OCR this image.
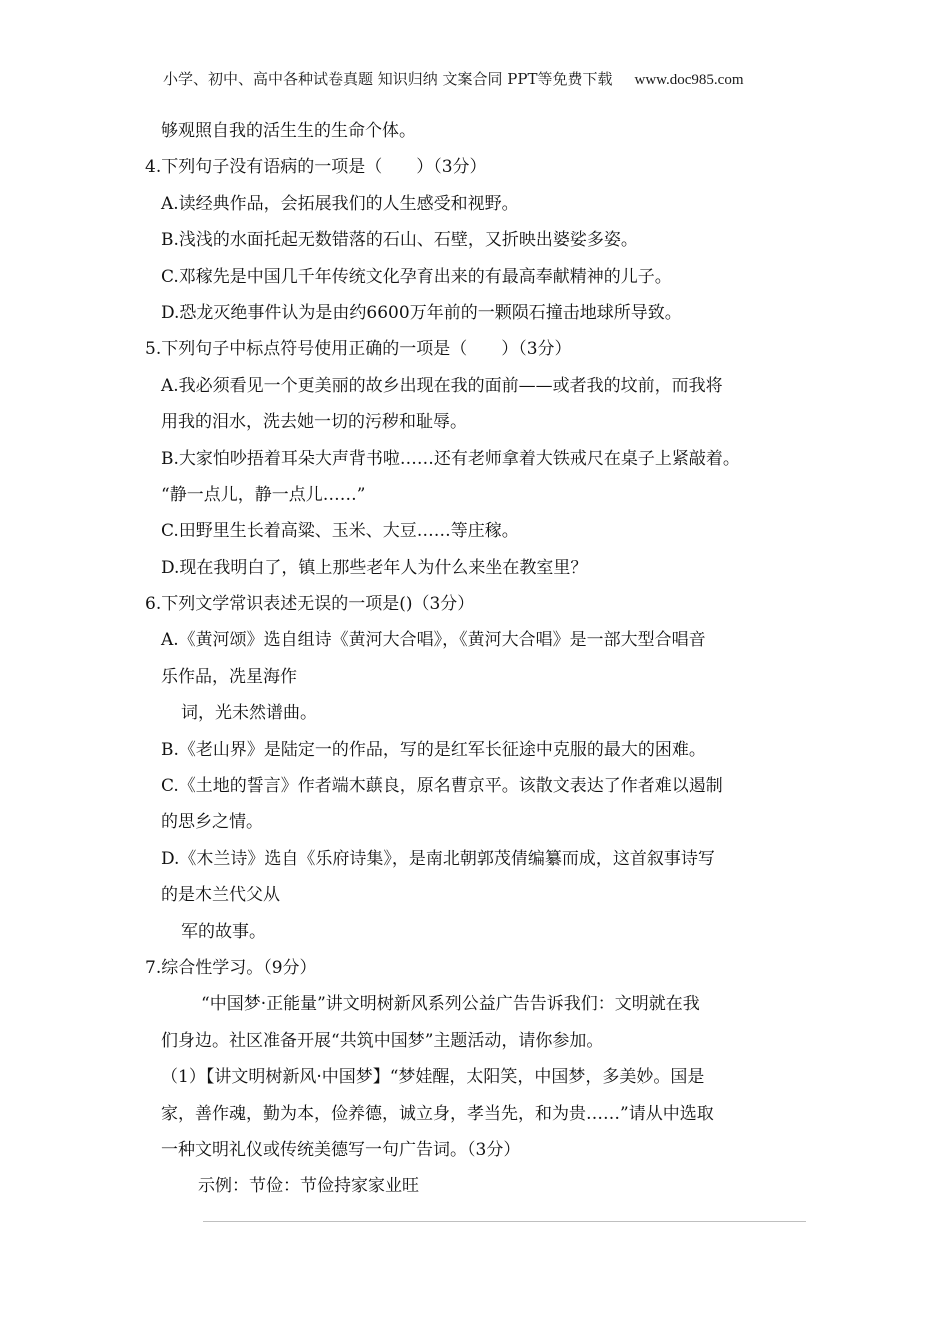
小学、初中、高中各种试卷真题 知识归纳 文案合同 PPT等免费下载 www.doc985.com
够观照自我的活生生的生命个体。
4.下列句子没有语病的一项是（　　）（3分）
A.读经典作品，会拓展我们的人生感受和视野。
B.浅浅的水面托起无数错落的石山、石壁，又折映出婆娑多姿。
C.邓稼先是中国几千年传统文化孕育出来的有最高奉献精神的儿子。
D.恐龙灭绝事件认为是由约6600万年前的一颗陨石撞击地球所导致。
5.下列句子中标点符号使用正确的一项是（　　）（3分）
A.我必须看见一个更美丽的故乡出现在我的面前——或者我的坟前，而我将
用我的泪水，洗去她一切的污秽和耻辱。
B.大家怕吵捂着耳朵大声背书啦……还有老师拿着大铁戒尺在桌子上紧敲着。
“静一点儿，静一点儿……”
C.田野里生长着高粱、玉米、大豆……等庄稼。
D.现在我明白了，镇上那些老年人为什么来坐在教室里？
6.下列文学常识表述无误的一项是()（3分）
A.《黄河颂》选自组诗《黄河大合唱》，《黄河大合唱》是一部大型合唱音
乐作品，冼星海作
词，光未然谱曲。
B.《老山界》是陆定一的作品，写的是红军长征途中克服的最大的困难。
C.《土地的誓言》作者端木蕻良，原名曹京平。该散文表达了作者难以遏制
的思乡之情。
D.《木兰诗》选自《乐府诗集》，是南北朝郭茂倩编纂而成，这首叙事诗写
的是木兰代父从
军的故事。
7.综合性学习。（9分）
“中国梦·正能量”讲文明树新风系列公益广告告诉我们：文明就在我
们身边。社区准备开展“共筑中国梦”主题活动，请你参加。
（1）【讲文明树新风·中国梦】“梦娃醒，太阳笑，中国梦，多美妙。国是
家，善作魂，勤为本，俭养德，诚立身，孝当先，和为贵……”请从中选取
一种文明礼仪或传统美德写一句广告词。（3分）
示例：节俭：节俭持家家业旺
